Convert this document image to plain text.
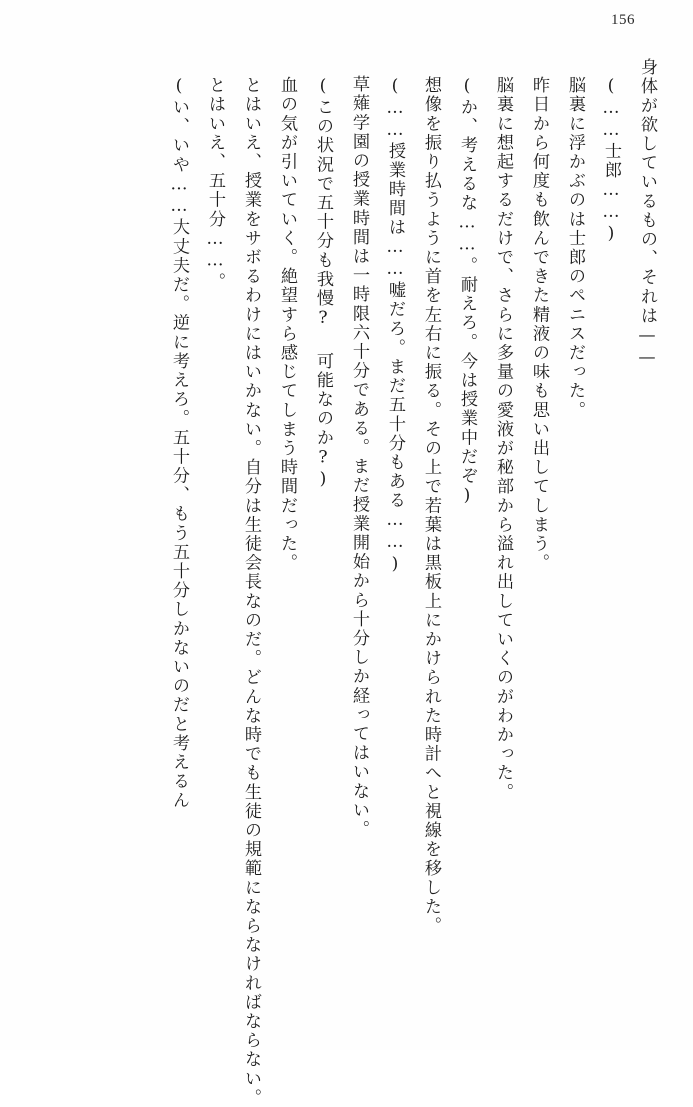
156
身体が欲しているもの、それは——
(……士郎……)
脳裏に浮かぶのは士郎のペニスだった。
昨日から何度も飲んできた精液の味も思い出してしまう。
脳裏に想起するだけで、さらに多量の愛液が秘部から溢れ出していくのがわかった。
(か、考えるな……。耐えろ。今は授業中だぞ)
想像を振り払うように首を左右に振る。その上で若葉は黒板上にかけられた時計へと視線を移した。
(……授業時間は……嘘だろ。まだ五十分もある……)
草薙学園の授業時間は一時限六十分である。まだ授業開始から十分しか経ってはいない。
(この状況で五十分も我慢? 可能なのか?)
血の気が引いていく。絶望すら感じてしまう時間だった。
とはいえ、授業をサボるわけにはいかない。自分は生徒会長なのだ。どんな時でも生徒の規範にならなければならない。
とはいえ、五十分……。
(い、いや……大丈夫だ。逆に考えろ。五十分、もう五十分しかないのだと考えるん
